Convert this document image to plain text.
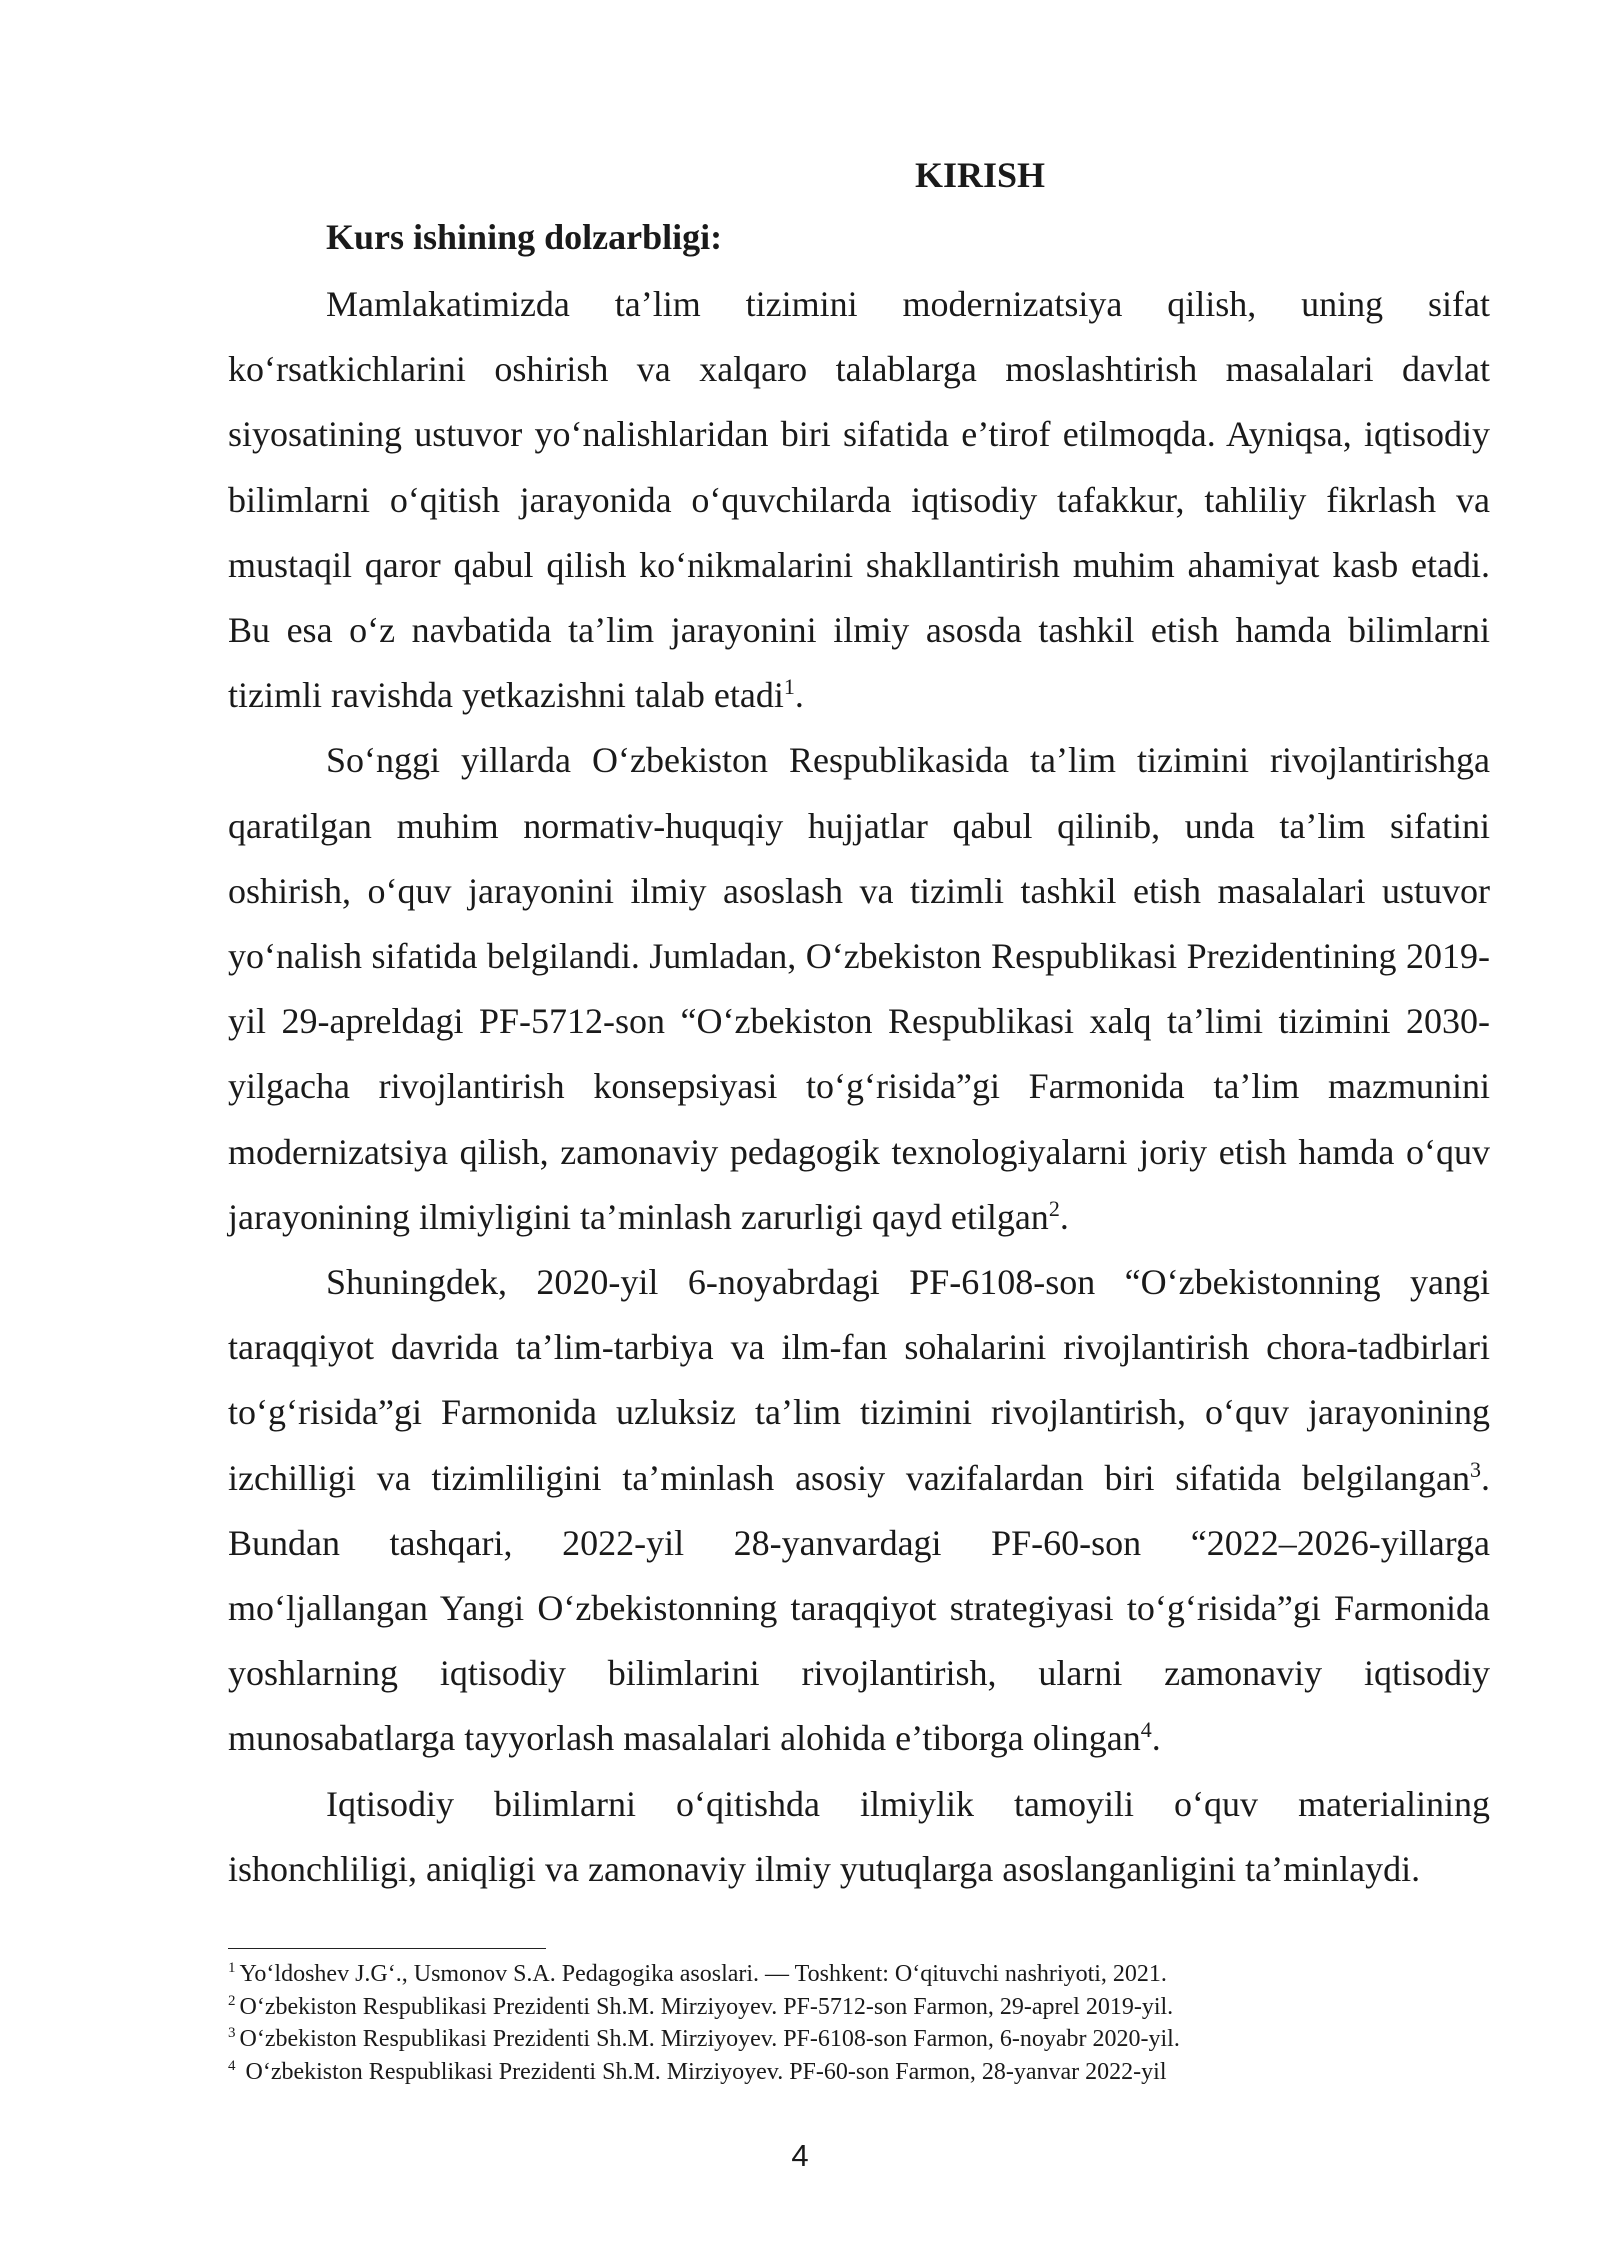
KIRISH
Kurs ishining dolzarbligi:

Mamlakatimizda ta’lim tizimini modernizatsiya qilish, uning sifat ko‘rsatkichlarini oshirish va xalqaro talablarga moslashtirish masalalari davlat siyosatining ustuvor yo‘nalishlaridan biri sifatida e’tirof etilmoqda. Ayniqsa, iqtisodiy bilimlarni o‘qitish jarayonida o‘quvchilarda iqtisodiy tafakkur, tahliliy fikrlash va mustaqil qaror qabul qilish ko‘nikmalarini shakllantirish muhim ahamiyat kasb etadi. Bu esa o‘z navbatida ta’lim jarayonini ilmiy asosda tashkil etish hamda bilimlarni tizimli ravishda yetkazishni talab etadi$^1$.

So‘nggi yillarda O‘zbekiston Respublikasida ta’lim tizimini rivojlantirishga qaratilgan muhim normativ-huquqiy hujjatlar qabul qilinib, unda ta’lim sifatini oshirish, o‘quv jarayonini ilmiy asoslash va tizimli tashkil etish masalalari ustuvor yo‘nalish sifatida belgilandi. Jumladan, O‘zbekiston Respublikasi Prezidentining 2019-yil 29-apreldagi PF-5712-son “O‘zbekiston Respublikasi xalq ta’limi tizimini 2030-yilgacha rivojlantirish konsepsiyasi to‘g‘risida”gi Farmonida ta’lim mazmunini modernizatsiya qilish, zamonaviy pedagogik texnologiyalarni joriy etish hamda o‘quv jarayonining ilmiyligini ta’minlash zarurligi qayd etilgan$^2$.

Shuningdek, 2020-yil 6-noyabrdagi PF-6108-son “O‘zbekistonning yangi taraqqiyot davrida ta’lim-tarbiya va ilm-fan sohalarini rivojlantirish chora-tadbirlari to‘g‘risida”gi Farmonida uzluksiz ta’lim tizimini rivojlantirish, o‘quv jarayonining izchilligi va tizimliligini ta’minlash asosiy vazifalardan biri sifatida belgilangan$^3$. Bundan tashqari, 2022-yil 28-yanvardagi PF-60-son “2022–2026-yillarga mo‘ljallangan Yangi O‘zbekistonning taraqqiyot strategiyasi to‘g‘risida”gi Farmonida yoshlarning iqtisodiy bilimlarini rivojlantirish, ularni zamonaviy iqtisodiy munosabatlarga tayyorlash masalalari alohida e’tiborga olingan$^4$.

Iqtisodiy bilimlarni o‘qitishda ilmiylik tamoyili o‘quv materialining ishonchliligi, aniqligi va zamonaviy ilmiy yutuqlarga asoslanganligini ta’minlaydi.

$^1$ Yo‘ldoshev J.G‘., Usmonov S.A. Pedagogika asoslari. — Toshkent: O‘qituvchi nashriyoti, 2021.
$^2$ O‘zbekiston Respublikasi Prezidenti Sh.M. Mirziyoyev. PF-5712-son Farmon, 29-aprel 2019-yil.
$^3$ O‘zbekiston Respublikasi Prezidenti Sh.M. Mirziyoyev. PF-6108-son Farmon, 6-noyabr 2020-yil.
$^4$ O‘zbekiston Respublikasi Prezidenti Sh.M. Mirziyoyev. PF-60-son Farmon, 28-yanvar 2022-yil
4
